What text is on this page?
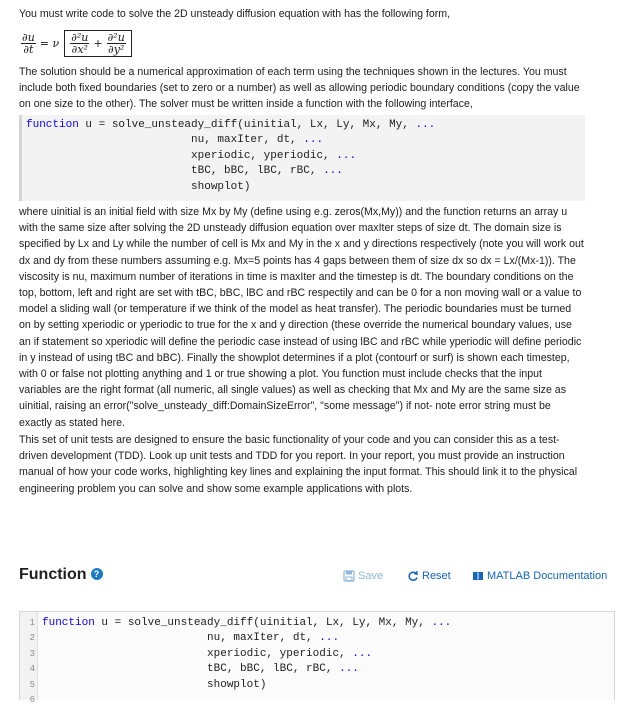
You must write code to solve the 2D unsteady diffusion equation with has the following form,

$\frac{\partial u}{\partial t} = \nu \frac{\text{∂²u}}{\text{∂x²}} + \frac{\text{∂²u}}{\text{∂y²}}$

The solution should be a numerical approximation of each term using the techniques shown in the lectures. You must include both fixed boundaries (set to zero or a number) as well as allowing periodic boundary conditions (copy the value on one size to the other). The solver must be written inside a function with the following interface,

function u = solve_unsteady_diff(uinitial, Lx, Ly, Mx, My, ...
nu, maxIter, dt, ...
xperiodic, yperiodic, ...
tBC, bBC, lBC, rBC, ...
showplot)

where uinitial is an initial field with size Mx by My (define using e.g. zeros(Mx,My)) and the function returns an array u with the same size after solving the 2D unsteady diffusion equation over maxIter steps of size dt. The domain size is specified by Lx and Ly while the number of cell is Mx and My in the x and y directions respectively (note you will work out dx and dy from these numbers assuming e.g. Mx=5 points has 4 gaps between them of size dx so dx = Lx/(Mx-1)). The viscosity is nu, maximum number of iterations in time is maxIter and the timestep is dt. The boundary conditions on the top, bottom, left and right are set with tBC, bBC, lBC and rBC respectily and can be 0 for a non moving wall or a value to model a sliding wall (or temperature if we think of the model as heat transfer). The periodic boundaries must be turned on by setting xperiodic or yperiodic to true for the x and y direction (these override the numerical boundary values, use an if statement so xperiodic will define the periodic case instead of using lBC and rBC while yperiodic will define periodic in y instead of using tBC and bBC). Finally the showplot determines if a plot (contourf or surf) is shown each timestep, with 0 or false not plotting anything and 1 or true showing a plot. You function must include checks that the input variables are the right format (all numeric, all single values) as well as checking that Mx and My are the same size as uinitial, raising an error("solve_unsteady_diff:DomainSizeError", "some message") if not- note error string must be exactly as stated here.

This set of unit tests are designed to ensure the basic functionality of your code and you can consider this as a test-driven development (TDD). Look up unit tests and TDD for you report. In your report, you must provide an instruction manual of how your code works, highlighting key lines and explaining the input format. This should link it to the physical engineering problem you can solve and show some example applications with plots.

Function ?	Save	Reset	MATLAB Documentation
1
2
3
4
5
6
function u = solve_unsteady_diff(uinitial, Lx, Ly, Mx, My, ...
nu, maxIter, dt, ...
xperiodic, yperiodic, ...
tBC, bBC, lBC, rBC, ...
showplot)
